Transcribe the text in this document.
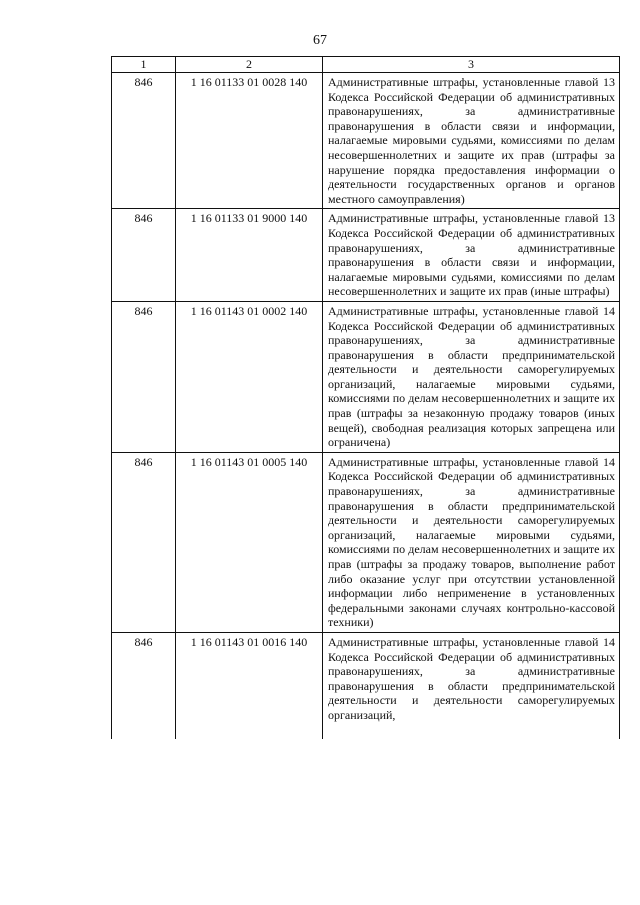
67
1	2	3
846	1 16 01133 01 0028 140	Административные штрафы, установленные главой 13 Кодекса Российской Федерации об административных правонарушениях, за административные правонарушения в области связи и информации, налагаемые мировыми судьями, комиссиями по делам несовершеннолетних и защите их прав (штрафы за нарушение порядка предоставления информации о деятельности государственных органов и органов местного самоуправления)
846	1 16 01133 01 9000 140	Административные штрафы, установленные главой 13 Кодекса Российской Федерации об административных правонарушениях, за административные правонарушения в области связи и информации, налагаемые мировыми судьями, комиссиями по делам несовершеннолетних и защите их прав (иные штрафы)
846	1 16 01143 01 0002 140	Административные штрафы, установленные главой 14 Кодекса Российской Федерации об административных правонарушениях, за административные правонарушения в области предпринимательской деятельности и деятельности саморегулируемых организаций, налагаемые мировыми судьями, комиссиями по делам несовершеннолетних и защите их прав (штрафы за незаконную продажу товаров (иных вещей), свободная реализация которых запрещена или ограничена)
846	1 16 01143 01 0005 140	Административные штрафы, установленные главой 14 Кодекса Российской Федерации об административных правонарушениях, за административные правонарушения в области предпринимательской деятельности и деятельности саморегулируемых организаций, налагаемые мировыми судьями, комиссиями по делам несовершеннолетних и защите их прав (штрафы за продажу товаров, выполнение работ либо оказание услуг при отсутствии установленной информации либо неприменение в установленных федеральными законами случаях контрольно-кассовой техники)
846	1 16 01143 01 0016 140	Административные штрафы, установленные главой 14 Кодекса Российской Федерации об административных правонарушениях, за административные правонарушения в области предпринимательской деятельности и деятельности саморегулируемых организаций,
